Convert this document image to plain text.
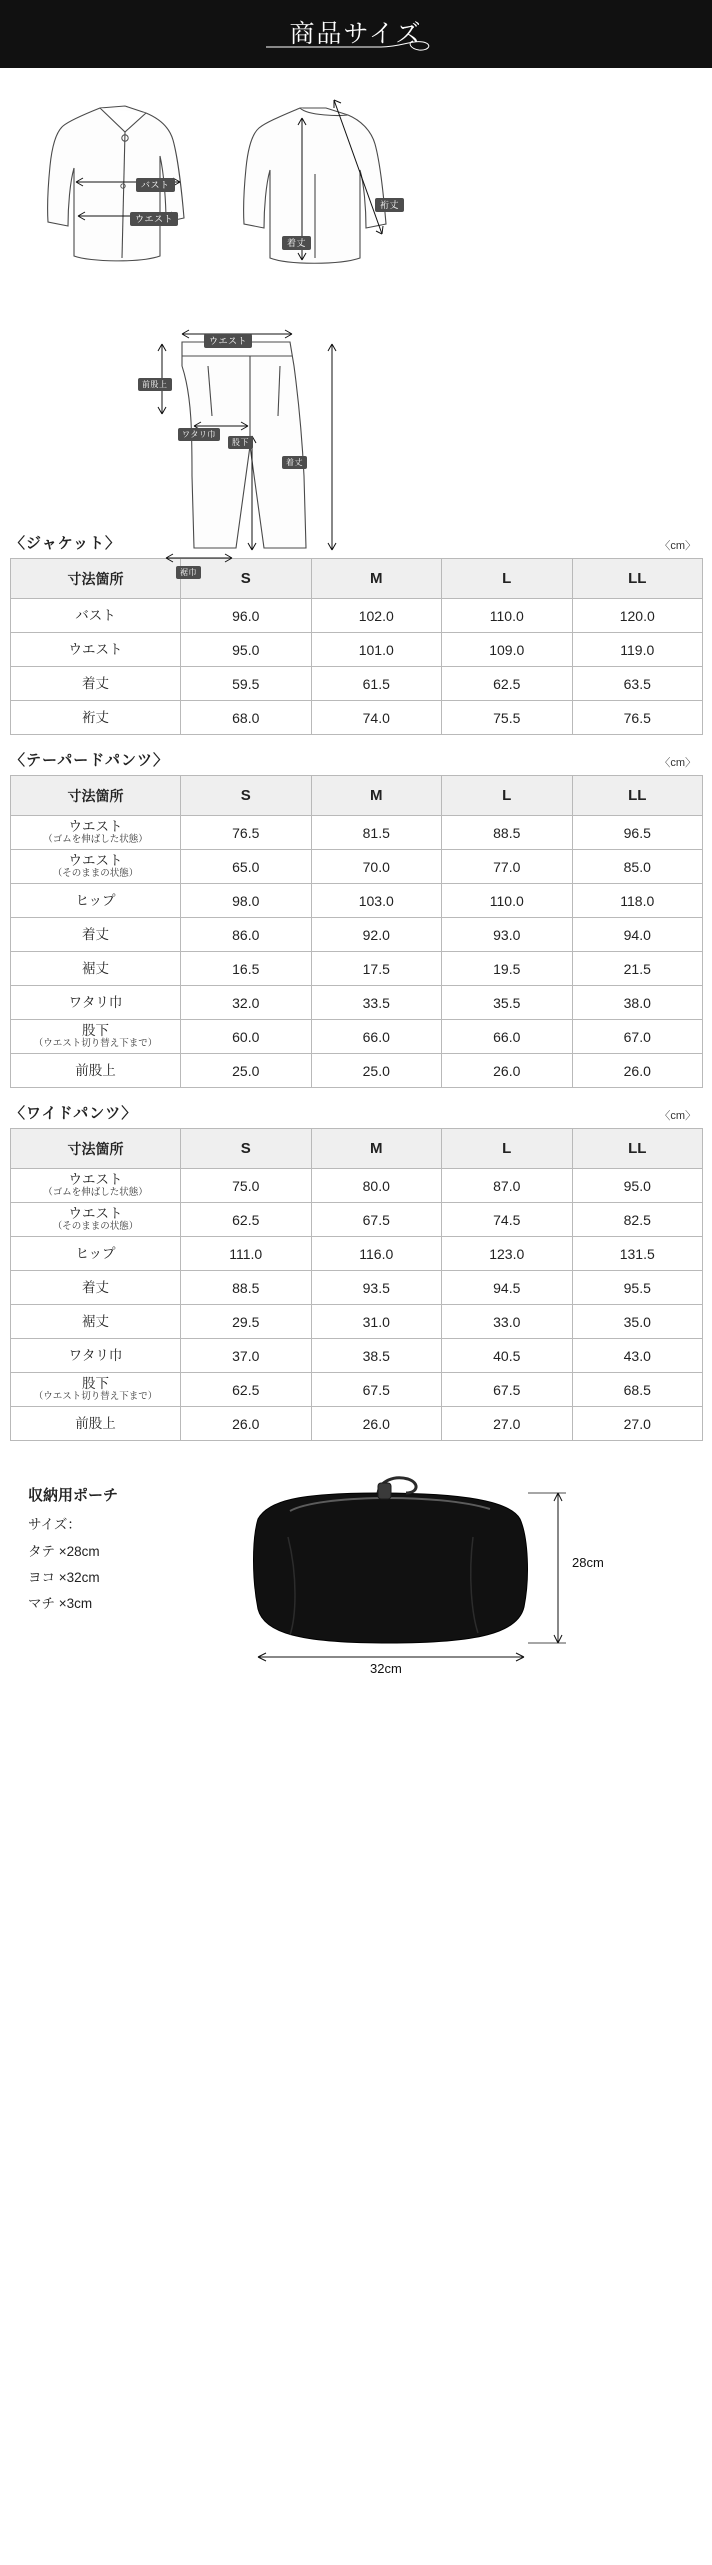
商品サイズ
バスト
ウエスト
着丈
裄丈
ウエスト
前股上
ワタリ巾
股下
着丈
裾巾
〈ジャケット〉	〈cm〉
寸法箇所	S	M	L	LL
バスト	96.0	102.0	110.0	120.0
ウエスト	95.0	101.0	109.0	119.0
着丈	59.5	61.5	62.5	63.5
裄丈	68.0	74.0	75.5	76.5
〈テーパードパンツ〉	〈cm〉
寸法箇所	S	M	L	LL
ウエスト
（ゴムを伸ばした状態）	76.5	81.5	88.5	96.5
ウエスト
（そのままの状態）	65.0	70.0	77.0	85.0
ヒップ	98.0	103.0	110.0	118.0
着丈	86.0	92.0	93.0	94.0
裾丈	16.5	17.5	19.5	21.5
ワタリ巾	32.0	33.5	35.5	38.0
股下
（ウエスト切り替え下まで）	60.0	66.0	66.0	67.0
前股上	25.0	25.0	26.0	26.0
〈ワイドパンツ〉	〈cm〉
寸法箇所	S	M	L	LL
ウエスト
（ゴムを伸ばした状態）	75.0	80.0	87.0	95.0
ウエスト
（そのままの状態）	62.5	67.5	74.5	82.5
ヒップ	111.0	116.0	123.0	131.5
着丈	88.5	93.5	94.5	95.5
裾丈	29.5	31.0	33.0	35.0
ワタリ巾	37.0	38.5	40.5	43.0
股下
（ウエスト切り替え下まで）	62.5	67.5	67.5	68.5
前股上	26.0	26.0	27.0	27.0
収納用ポーチ
サイズ：
タテ ×28cm
ヨコ ×32cm
マチ ×3cm
28cm
32cm
